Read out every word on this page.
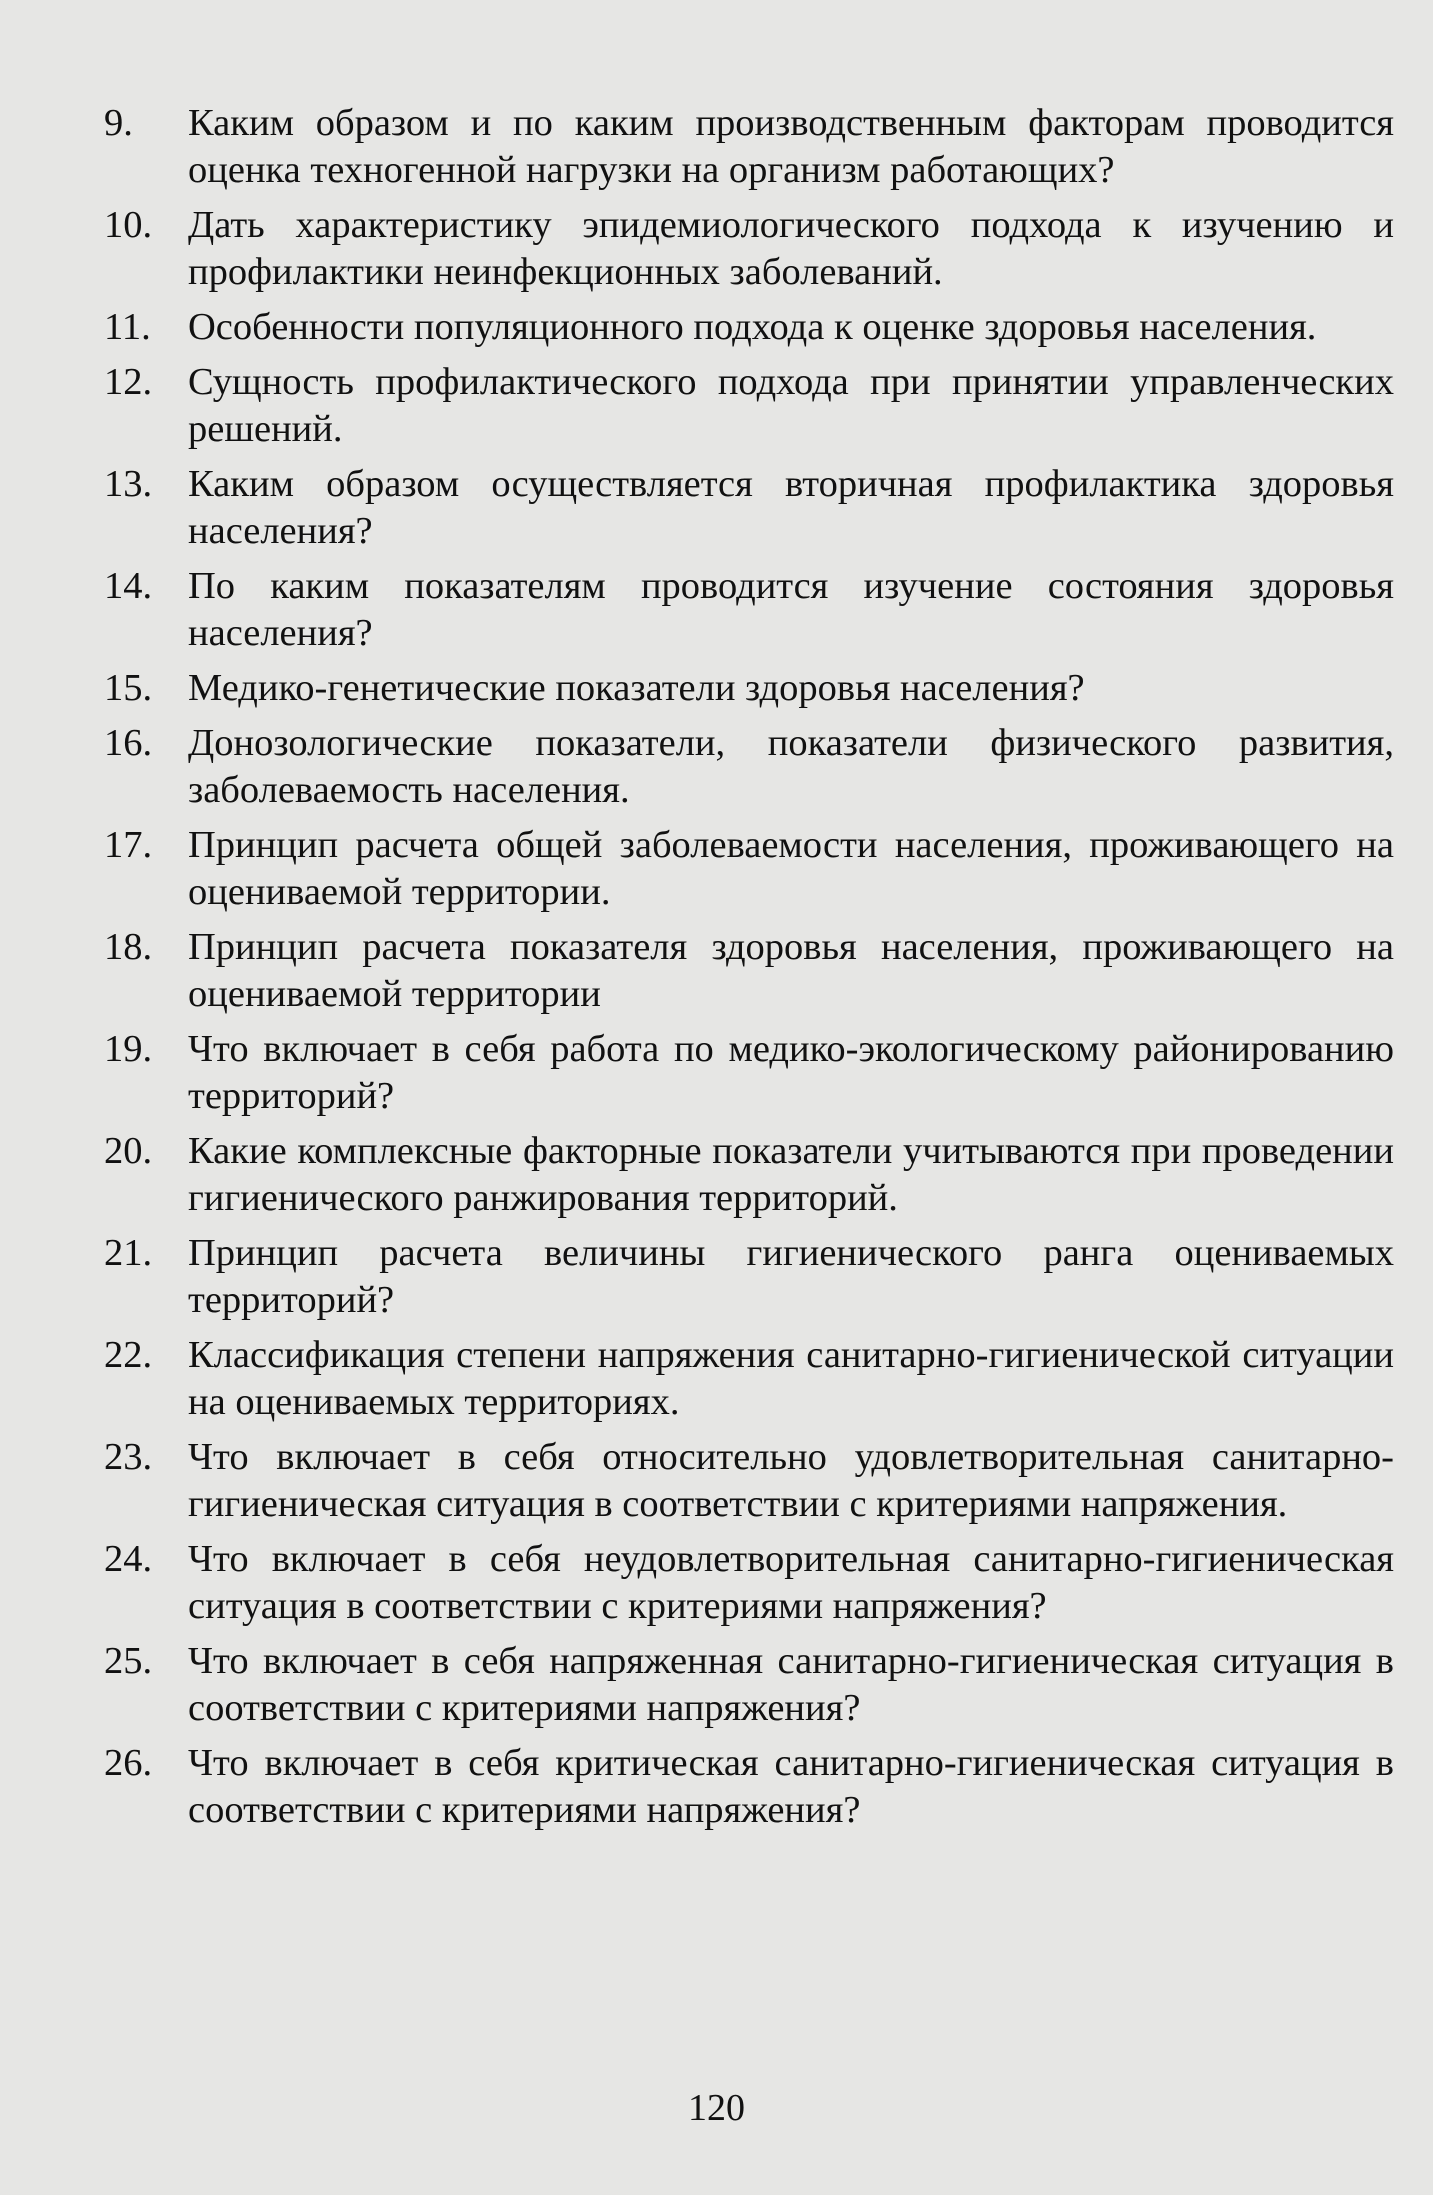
9.	Каким образом и по каким производственным факторам проводится оценка техногенной нагрузки на организм работающих?
10. Дать характеристику эпидемиологического подхода к изучению и профилактики неинфекционных заболеваний.
11. Особенности популяционного подхода к оценке здоровья населения.
12. Сущность профилактического подхода при принятии управленческих решений.
13. Каким образом осуществляется вторичная профилактика здоровья населения?
14. По каким показателям проводится изучение состояния здоровья населения?
15. Медико-генетические показатели здоровья населения?
16. Донозологические показатели, показатели физического развития, заболеваемость населения.
17. Принцип расчета общей заболеваемости населения, проживающего на оцениваемой территории.
18. Принцип расчета показателя здоровья населения, проживающего на оцениваемой территории
19. Что включает в себя работа по медико-экологическому районированию территорий?
20. Какие комплексные факторные показатели учитываются при проведении гигиенического ранжирования территорий.
21. Принцип расчета величины гигиенического ранга оцениваемых территорий?
22. Классификация степени напряжения санитарно-гигиенической ситуации на оцениваемых территориях.
23. Что включает в себя относительно удовлетворительная санитарно-гигиеническая ситуация в соответствии с критериями напряжения.
24. Что включает в себя неудовлетворительная санитарно-гигиеническая ситуация в соответствии с критериями напряжения?
25. Что включает в себя напряженная санитарно-гигиеническая ситуация в соответствии с критериями напряжения?
26. Что включает в себя критическая санитарно-гигиеническая ситуация в соответствии с критериями напряжения?
120
